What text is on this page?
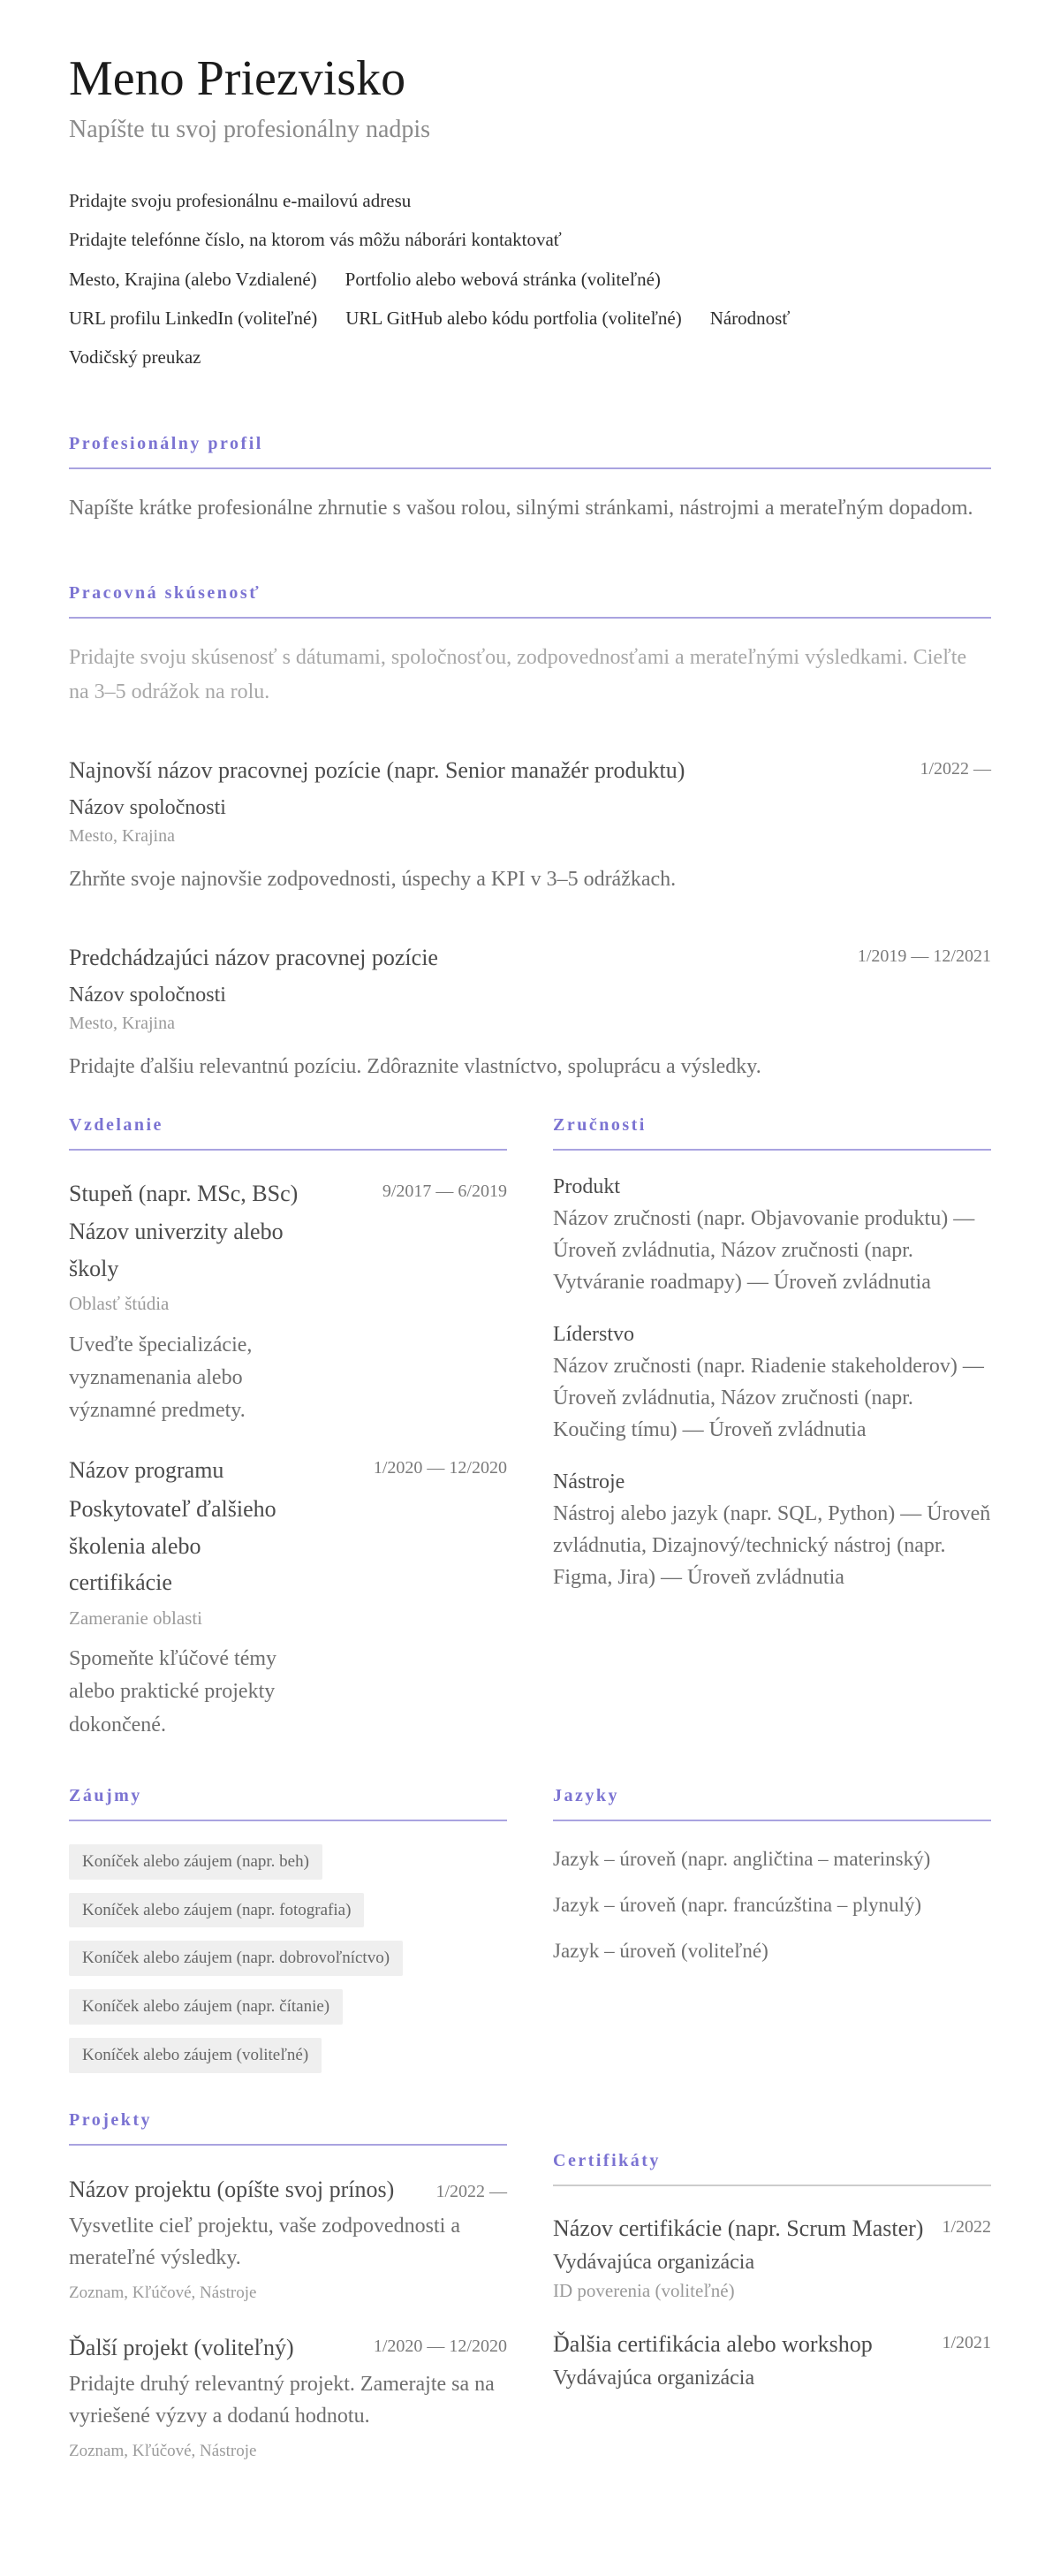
Meno Priezvisko
Napíšte tu svoj profesionálny nadpis
Pridajte svoju profesionálnu e-mailovú adresu
Pridajte telefónne číslo, na ktorom vás môžu náborári kontaktovať
Mesto, Krajina (alebo Vzdialené) Portfolio alebo webová stránka (voliteľné)
URL profilu LinkedIn (voliteľné) URL GitHub alebo kódu portfolia (voliteľné) Národnosť
Vodičský preukaz
Profesionálny profil

Napíšte krátke profesionálne zhrnutie s vašou rolou, silnými stránkami, nástrojmi a merateľným dopadom.

Pracovná skúsenosť

Pridajte svoju skúsenosť s dátumami, spoločnosťou, zodpovednosťami a merateľnými výsledkami. Cieľte na 3–5 odrážok na rolu.

Najnovší názov pracovnej pozície (napr. Senior manažér produktu)	1/2022 —
Názov spoločnosti
Mesto, Krajina

Zhrňte svoje najnovšie zodpovednosti, úspechy a KPI v 3–5 odrážkach.

Predchádzajúci názov pracovnej pozície	1/2019 — 12/2021
Názov spoločnosti
Mesto, Krajina

Pridajte ďalšiu relevantnú pozíciu. Zdôraznite vlastníctvo, spoluprácu a výsledky.

Vzdelanie
Stupeň (napr. MSc, BSc)
Názov univerzity alebo školy
Oblasť štúdia
Uveďte špecializácie, vyznamenania alebo významné predmety.
9/2017 — 6/2019
Názov programu
Poskytovateľ ďalšieho školenia alebo certifikácie
Zameranie oblasti
Spomeňte kľúčové témy alebo praktické projekty dokončené.
1/2020 — 12/2020
Zručnosti
Produkt
Názov zručnosti (napr. Objavovanie produktu) — Úroveň zvládnutia, Názov zručnosti (napr. Vytváranie roadmapy) — Úroveň zvládnutia
Líderstvo
Názov zručnosti (napr. Riadenie stakeholderov) — Úroveň zvládnutia, Názov zručnosti (napr. Koučing tímu) — Úroveň zvládnutia
Nástroje
Nástroj alebo jazyk (napr. SQL, Python) — Úroveň zvládnutia, Dizajnový/technický nástroj (napr. Figma, Jira) — Úroveň zvládnutia
Záujmy
Koníček alebo záujem (napr. beh)
Koníček alebo záujem (napr. fotografia)
Koníček alebo záujem (napr. dobrovoľníctvo)
Koníček alebo záujem (napr. čítanie)
Koníček alebo záujem (voliteľné)
Jazyky
Jazyk – úroveň (napr. angličtina – materinský)
Jazyk – úroveň (napr. francúzština – plynulý)
Jazyk – úroveň (voliteľné)
Projekty
Názov projektu (opíšte svoj prínos)	1/2022 —
Vysvetlite cieľ projektu, vaše zodpovednosti a merateľné výsledky.
Zoznam, Kľúčové, Nástroje
Ďalší projekt (voliteľný)	1/2020 — 12/2020
Pridajte druhý relevantný projekt. Zamerajte sa na vyriešené výzvy a dodanú hodnotu.
Zoznam, Kľúčové, Nástroje
Certifikáty
Názov certifikácie (napr. Scrum Master)
Vydávajúca organizácia
ID poverenia (voliteľné)
1/2022
Ďalšia certifikácia alebo workshop
Vydávajúca organizácia
1/2021
